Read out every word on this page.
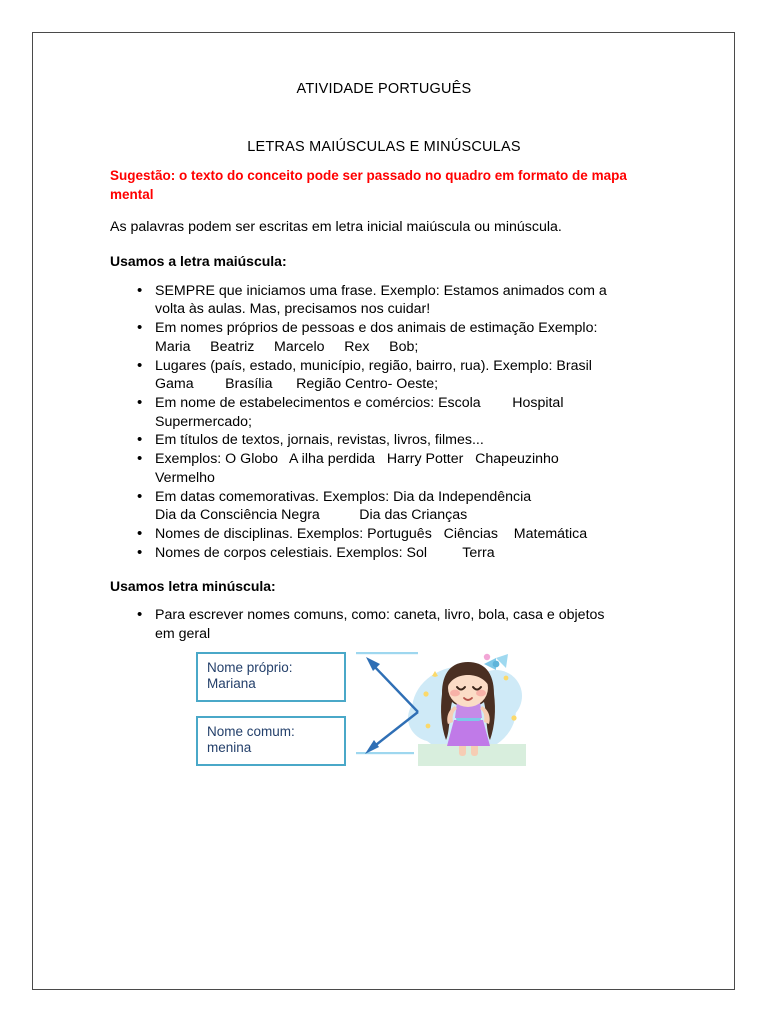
ATIVIDADE PORTUGUÊS
LETRAS MAIÚSCULAS E MINÚSCULAS
Sugestão: o texto do conceito pode ser passado no quadro em formato de mapa mental
As palavras podem ser escritas em letra inicial maiúscula ou minúscula.
Usamos a letra maiúscula:
• SEMPRE que iniciamos uma frase. Exemplo: Estamos animados com a
volta às aulas. Mas, precisamos nos cuidar!
• Em nomes próprios de pessoas e dos animais de estimação Exemplo:
Maria     Beatriz     Marcelo     Rex     Bob;
• Lugares (país, estado, município, região, bairro, rua). Exemplo: Brasil
Gama        Brasília      Região Centro- Oeste;
• Em nome de estabelecimentos e comércios: Escola        Hospital
Supermercado;
• Em títulos de textos, jornais, revistas, livros, filmes...
• Exemplos: O Globo   A ilha perdida   Harry Potter   Chapeuzinho
Vermelho
• Em datas comemorativas. Exemplos: Dia da Independência
Dia da Consciência Negra          Dia das Crianças
• Nomes de disciplinas. Exemplos: Português   Ciências    Matemática
• Nomes de corpos celestiais. Exemplos: Sol         Terra
Usamos letra minúscula:
• Para escrever nomes comuns, como: caneta, livro, bola, casa e objetos
em geral
Nome próprio:
Mariana
Nome comum:
menina
